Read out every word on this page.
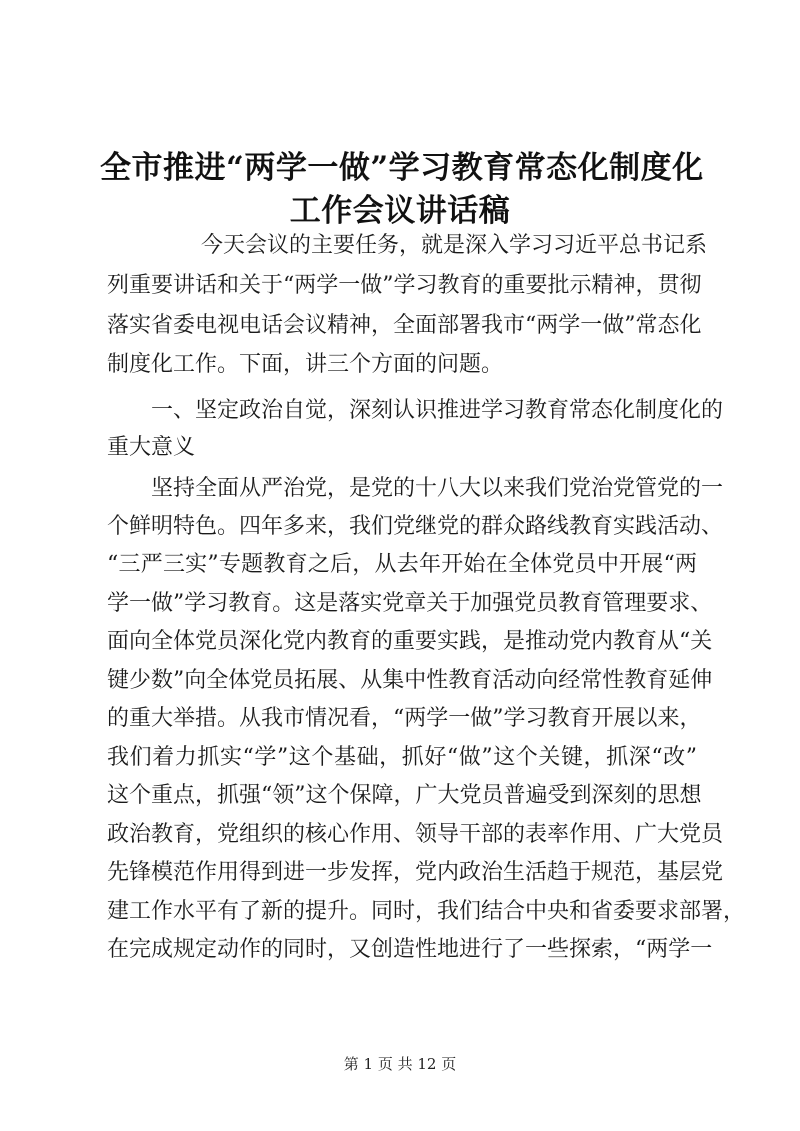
全市推进“两学一做”学习教育常态化制度化
工作会议讲话稿
今天会议的主要任务，就是深入学习习近平总书记系
列重要讲话和关于“两学一做”学习教育的重要批示精神，贯彻
落实省委电视电话会议精神，全面部署我市“两学一做”常态化
制度化工作。下面，讲三个方面的问题。
一、坚定政治自觉，深刻认识推进学习教育常态化制度化的
重大意义
坚持全面从严治党，是党的十八大以来我们党治党管党的一
个鲜明特色。四年多来，我们党继党的群众路线教育实践活动、
“三严三实”专题教育之后，从去年开始在全体党员中开展“两
学一做”学习教育。这是落实党章关于加强党员教育管理要求、
面向全体党员深化党内教育的重要实践，是推动党内教育从“关
键少数”向全体党员拓展、从集中性教育活动向经常性教育延伸
的重大举措。从我市情况看，“两学一做”学习教育开展以来，
我们着力抓实“学”这个基础，抓好“做”这个关键，抓深“改”
这个重点，抓强“领”这个保障，广大党员普遍受到深刻的思想
政治教育，党组织的核心作用、领导干部的表率作用、广大党员
先锋模范作用得到进一步发挥，党内政治生活趋于规范，基层党
建工作水平有了新的提升。同时，我们结合中央和省委要求部署，
在完成规定动作的同时，又创造性地进行了一些探索，“两学一
第 1 页 共 12 页
